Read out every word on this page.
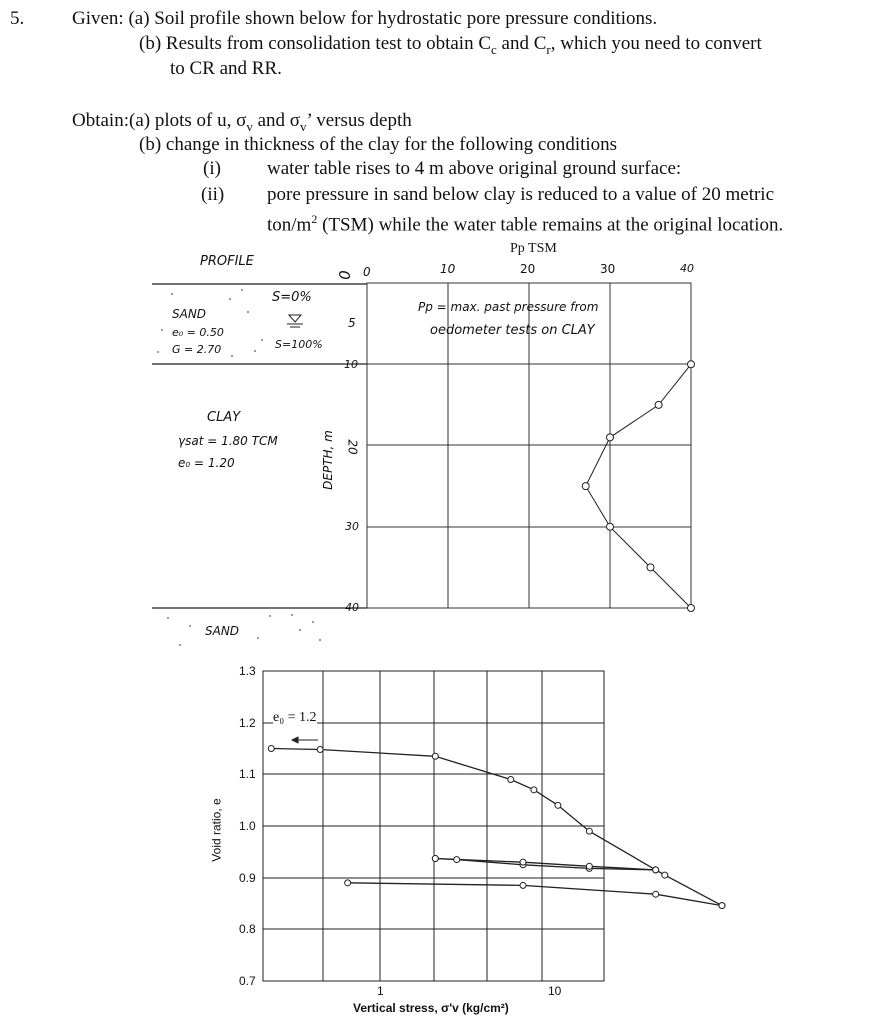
5.	Given: (a) Soil profile shown below for hydrostatic pore pressure conditions.
(b) Results from consolidation test to obtain $C_c$ and $C_r$, which you need to convert
to CR and RR.
Obtain:(a) plots of u, $\sigma_v$ and $\sigma_v$’ versus depth
(b) change in thickness of the clay for the following conditions
(i) water table rises to 4 m above original ground surface:
(ii) pore pressure in sand below clay is reduced to a value of 20 metric
ton/$m^2$ (TSM) while the water table remains at the original location.
PROFILE
SAND
e₀ = 0.50
G = 2.70
S=0%
S=100%
CLAY
γsat = 1.80 TCM
e₀ = 1.20
SAND
0
5
10
20
30
40
DEPTH, m
Pp TSM
0	10	20	30	40
Pp = max. past pressure from
oedometer tests on CLAY
1.3
1.2
1.1
1.0
0.9
0.8
0.7
Void ratio, e
e₀ = 1.2
1	10
Vertical stress, σ'v (kg/cm²)
